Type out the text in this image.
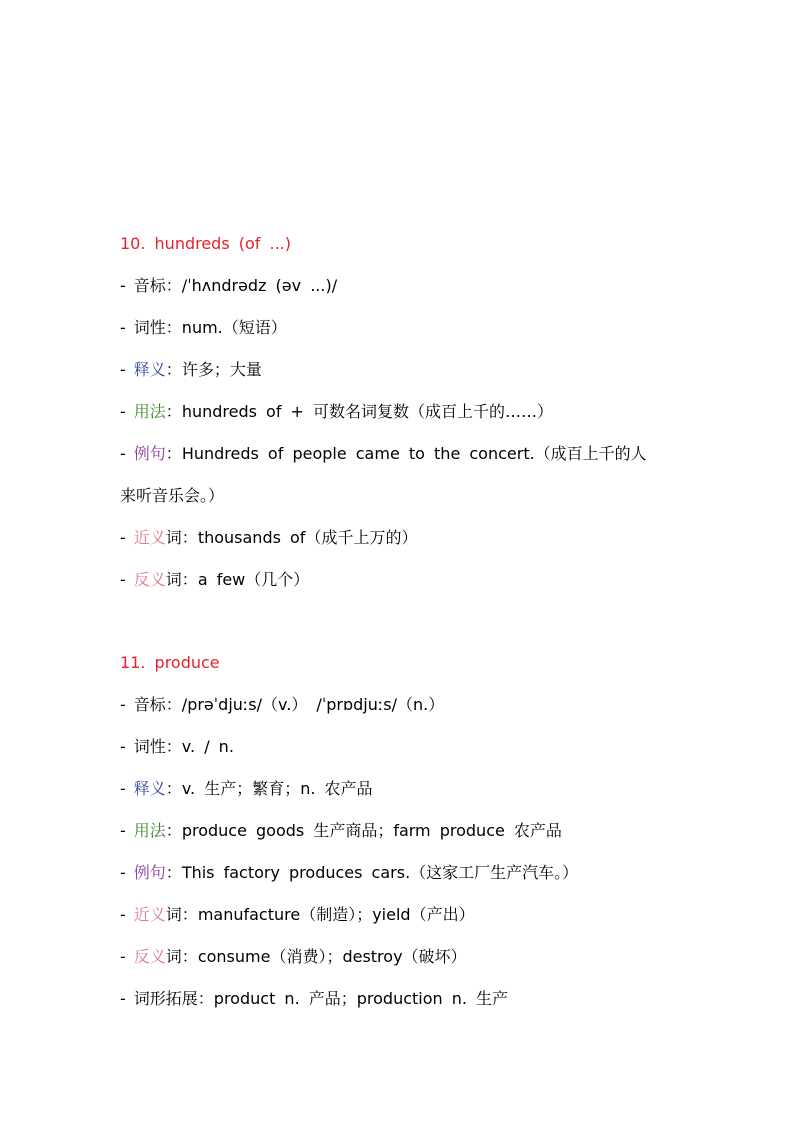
10. hundreds (of ...)
- 音标：/ˈhʌndrədz (əv ...)/
- 词性：num.（短语）
- 释义：许多；大量
- 用法：hundreds of + 可数名词复数（成百上千的……）
- 例句：Hundreds of people came to the concert.（成百上千的人
来听音乐会。）
- 近义词：thousands of（成千上万的）
- 反义词：a few（几个）
11. produce
- 音标：/prəˈdjuːs/（v.） /ˈprɒdjuːs/（n.）
- 词性：v. / n.
- 释义：v. 生产；繁育；n. 农产品
- 用法：produce goods 生产商品；farm produce 农产品
- 例句：This factory produces cars.（这家工厂生产汽车。）
- 近义词：manufacture（制造）；yield（产出）
- 反义词：consume（消费）；destroy（破坏）
- 词形拓展：product n. 产品；production n. 生产
